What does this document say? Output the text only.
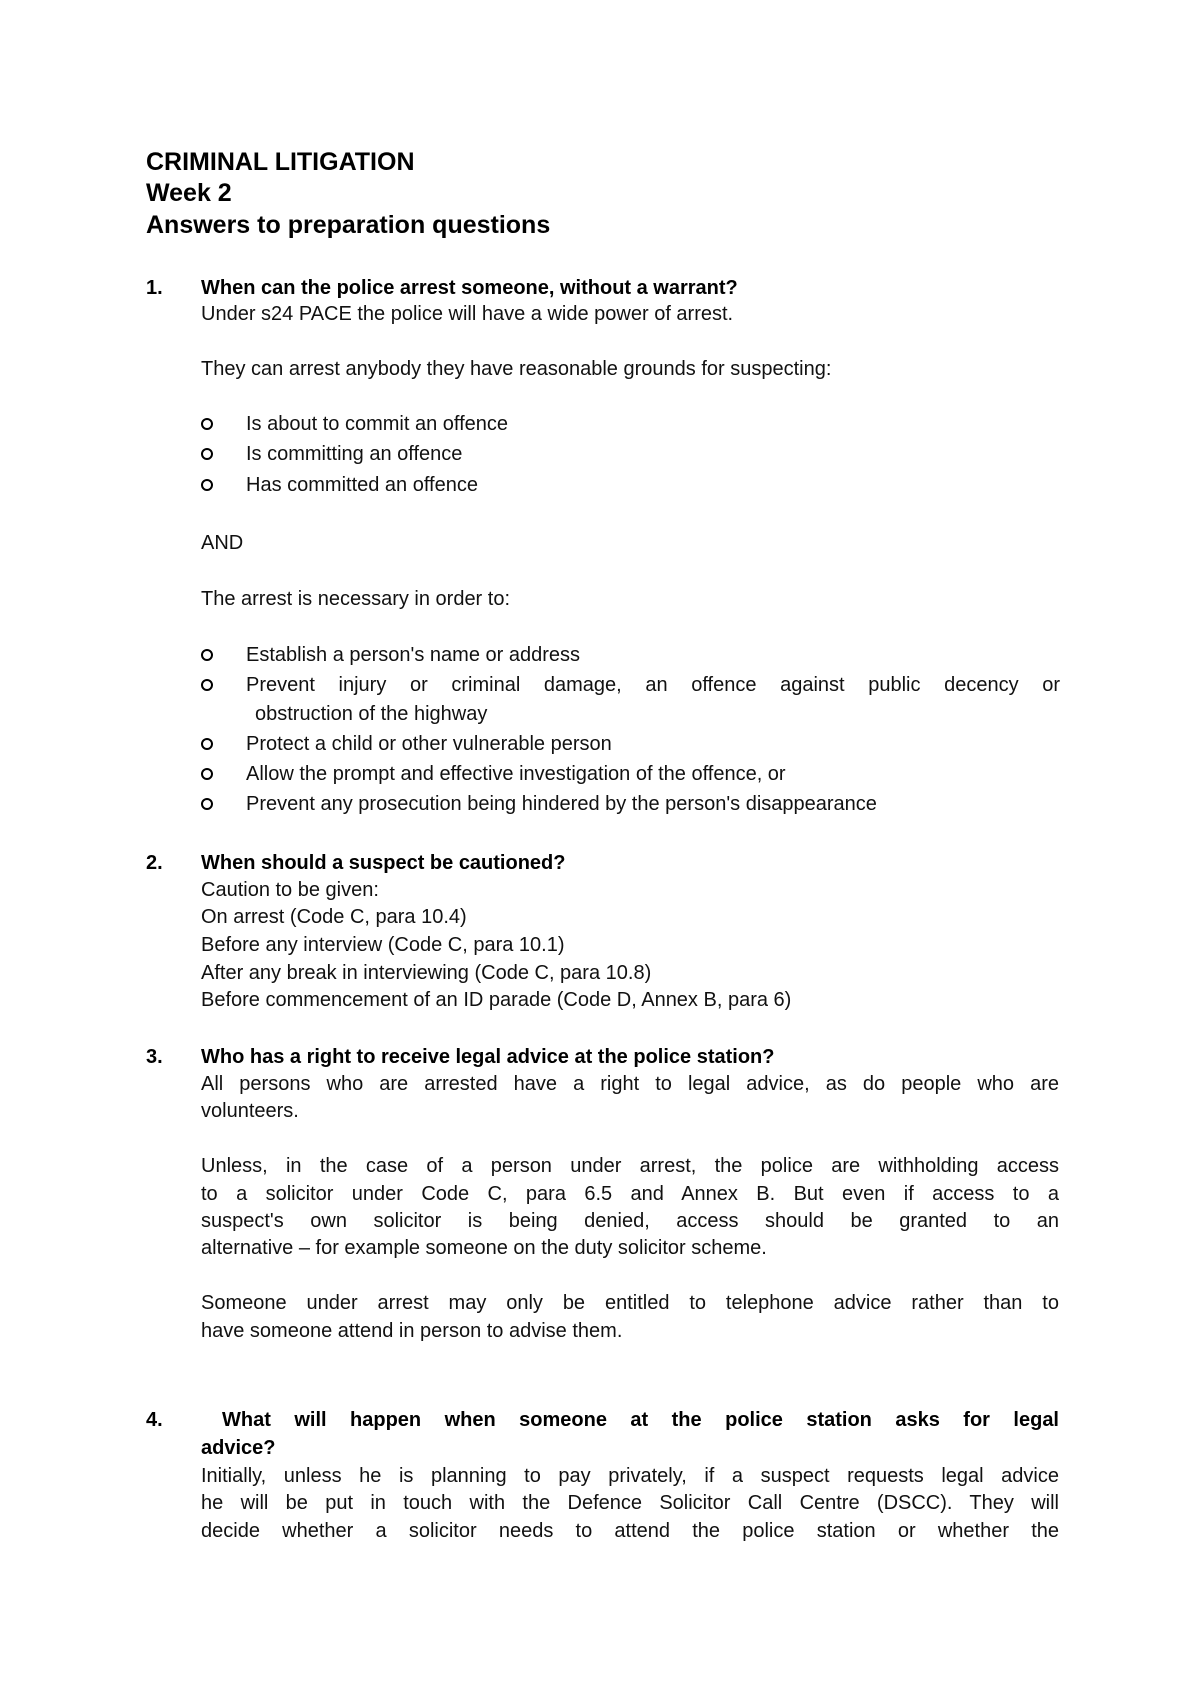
CRIMINAL LITIGATION
Week 2
Answers to preparation questions
1. When can the police arrest someone, without a warrant?
Under s24 PACE the police will have a wide power of arrest.
They can arrest anybody they have reasonable grounds for suspecting:
Is about to commit an offence
Is committing an offence
Has committed an offence
AND
The arrest is necessary in order to:
Establish a person's name or address
Prevent injury or criminal damage, an offence against public decency or
obstruction of the highway
Protect a child or other vulnerable person
Allow the prompt and effective investigation of the offence, or
Prevent any prosecution being hindered by the person's disappearance
2. When should a suspect be cautioned?
Caution to be given:
On arrest (Code C, para 10.4)
Before any interview (Code C, para 10.1)
After any break in interviewing (Code C, para 10.8)
Before commencement of an ID parade (Code D, Annex B, para 6)
3. Who has a right to receive legal advice at the police station?
All persons who are arrested have a right to legal advice, as do people who are
volunteers.
Unless, in the case of a person under arrest, the police are withholding access
to a solicitor under Code C, para 6.5 and Annex B. But even if access to a
suspect's own solicitor is being denied, access should be granted to an
alternative – for example someone on the duty solicitor scheme.
Someone under arrest may only be entitled to telephone advice rather than to
have someone attend in person to advise them.
4.	What will happen when someone at the police station asks for legal
advice?
Initially, unless he is planning to pay privately, if a suspect requests legal advice
he will be put in touch with the Defence Solicitor Call Centre (DSCC). They will
decide whether a solicitor needs to attend the police station or whether the
